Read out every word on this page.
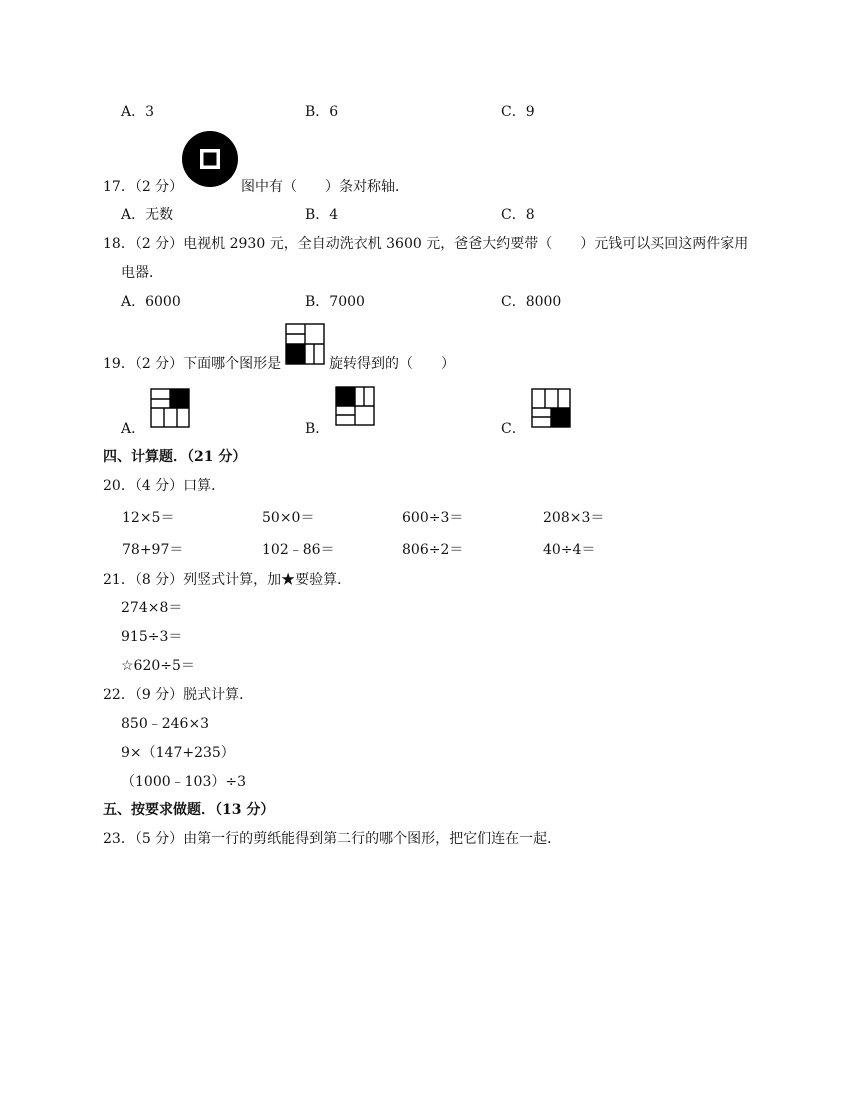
A．3	B．6	C．9
17．（2 分）	图中有（　　）条对称轴．
A．无数	B．4	C．8
18．（2 分）电视机 2930 元，全自动洗衣机 3600 元，爸爸大约要带（　　）元钱可以买回这两件家用
电器．
A．6000	B．7000	C．8000
19．（2 分）下面哪个图形是	旋转得到的（　　）
A．	B．	C．
四、计算题．（21 分）
20．（4 分）口算．
12×5＝	50×0＝	600÷3＝	208×3＝
78+97＝	102﹣86＝	806÷2＝	40÷4＝
21．（8 分）列竖式计算，加★要验算．
274×8＝
915÷3＝
☆620÷5＝
22．（9 分）脱式计算．
850﹣246×3
9×（147+235）
（1000﹣103）÷3
五、按要求做题．（13 分）
23．（5 分）由第一行的剪纸能得到第二行的哪个图形，把它们连在一起．
